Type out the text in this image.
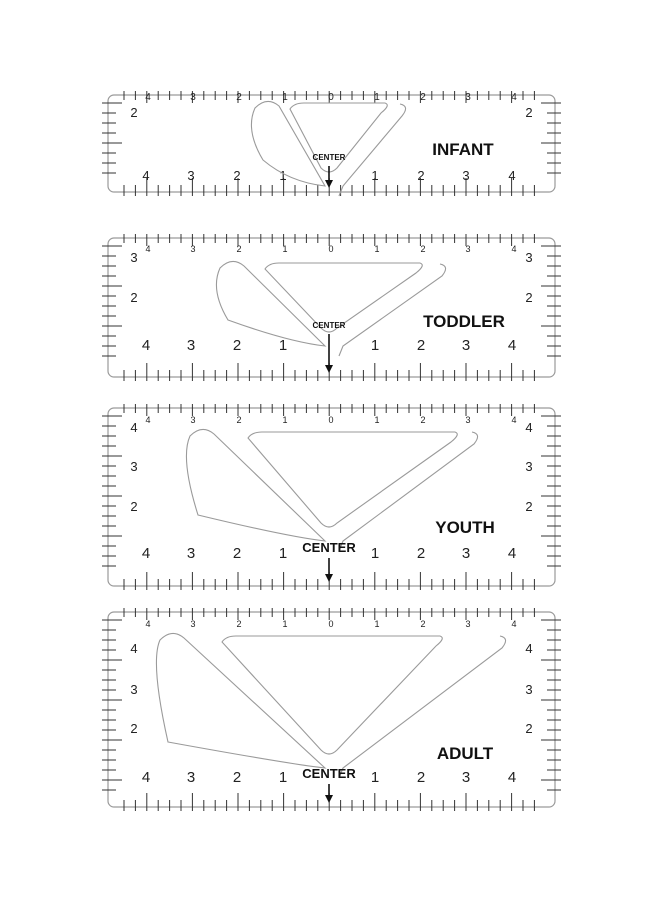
4	3	2	1	0	1	2	3	4
4	3	2	1	1	2	3	4
2	2
INFANT
CENTER
4	3	2	1	0	1	2	3	4
4 3	2	1	1	2 3	4
3	3
2	2
TODDLER
CENTER
4	3	2	1	0	1	2	3	4
4 3	2	1	1	2 3	4
4	4
3	3
2	2
YOUTH
CENTER
4	3	2	1	0	1	2	3	4
4 3	2	1	1	2 3	4
4	4
3	3
2	2
ADULT
CENTER
